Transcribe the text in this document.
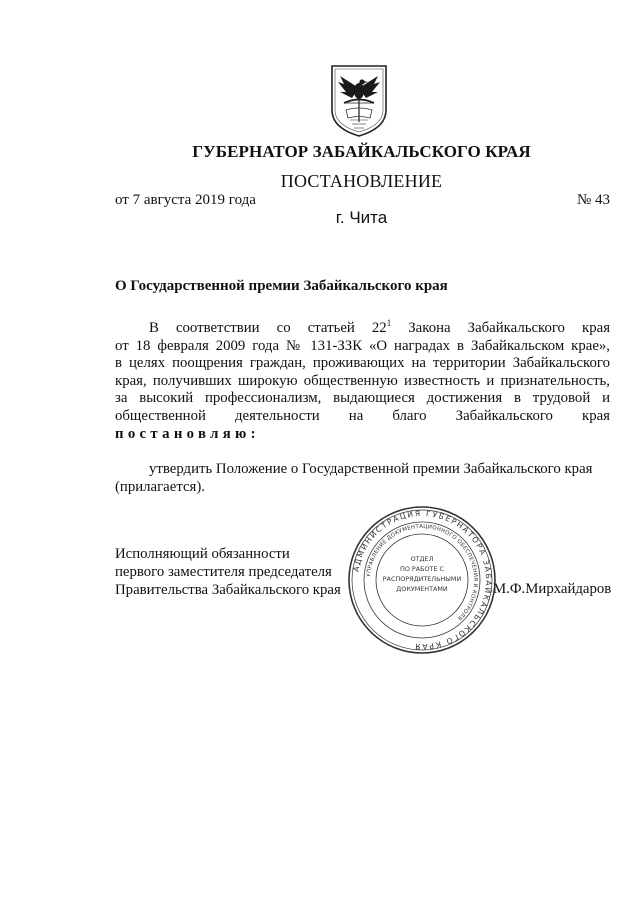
ГУБЕРНАТОР ЗАБАЙКАЛЬСКОГО КРАЯ
ПОСТАНОВЛЕНИЕ
от 7 августа 2019 года	№ 43
г. Чита
О Государственной премии Забайкальского края
В соответствии со статьей $22^1$ Закона Забайкальского края
от 18 февраля 2009 года № 131-ЗЗК «О наградах в Забайкальском крае»,
в целях поощрения граждан, проживающих на территории Забайкальского
края, получивших широкую общественную известность и признательность,
за высокий профессионализм, выдающиеся достижения в трудовой и
общественной деятельности на благо Забайкальского края
постановляю:
утвердить Положение о Государственной премии Забайкальского края
(прилагается).
Исполняющий обязанности
первого заместителя председателя
Правительства Забайкальского края	М.Ф.Мирхайдаров
АДМИНИСТРАЦИЯ ГУБЕРНАТОРА ЗАБАЙКАЛЬСКОГО КРАЯ
УПРАВЛЕНИЕ ДОКУМЕНТАЦИОННОГО ОБЕСПЕЧЕНИЯ И КОНТРОЛЯ
ОТДЕЛ
ПО РАБОТЕ С
РАСПОРЯДИТЕЛЬНЫМИ
ДОКУМЕНТАМИ
